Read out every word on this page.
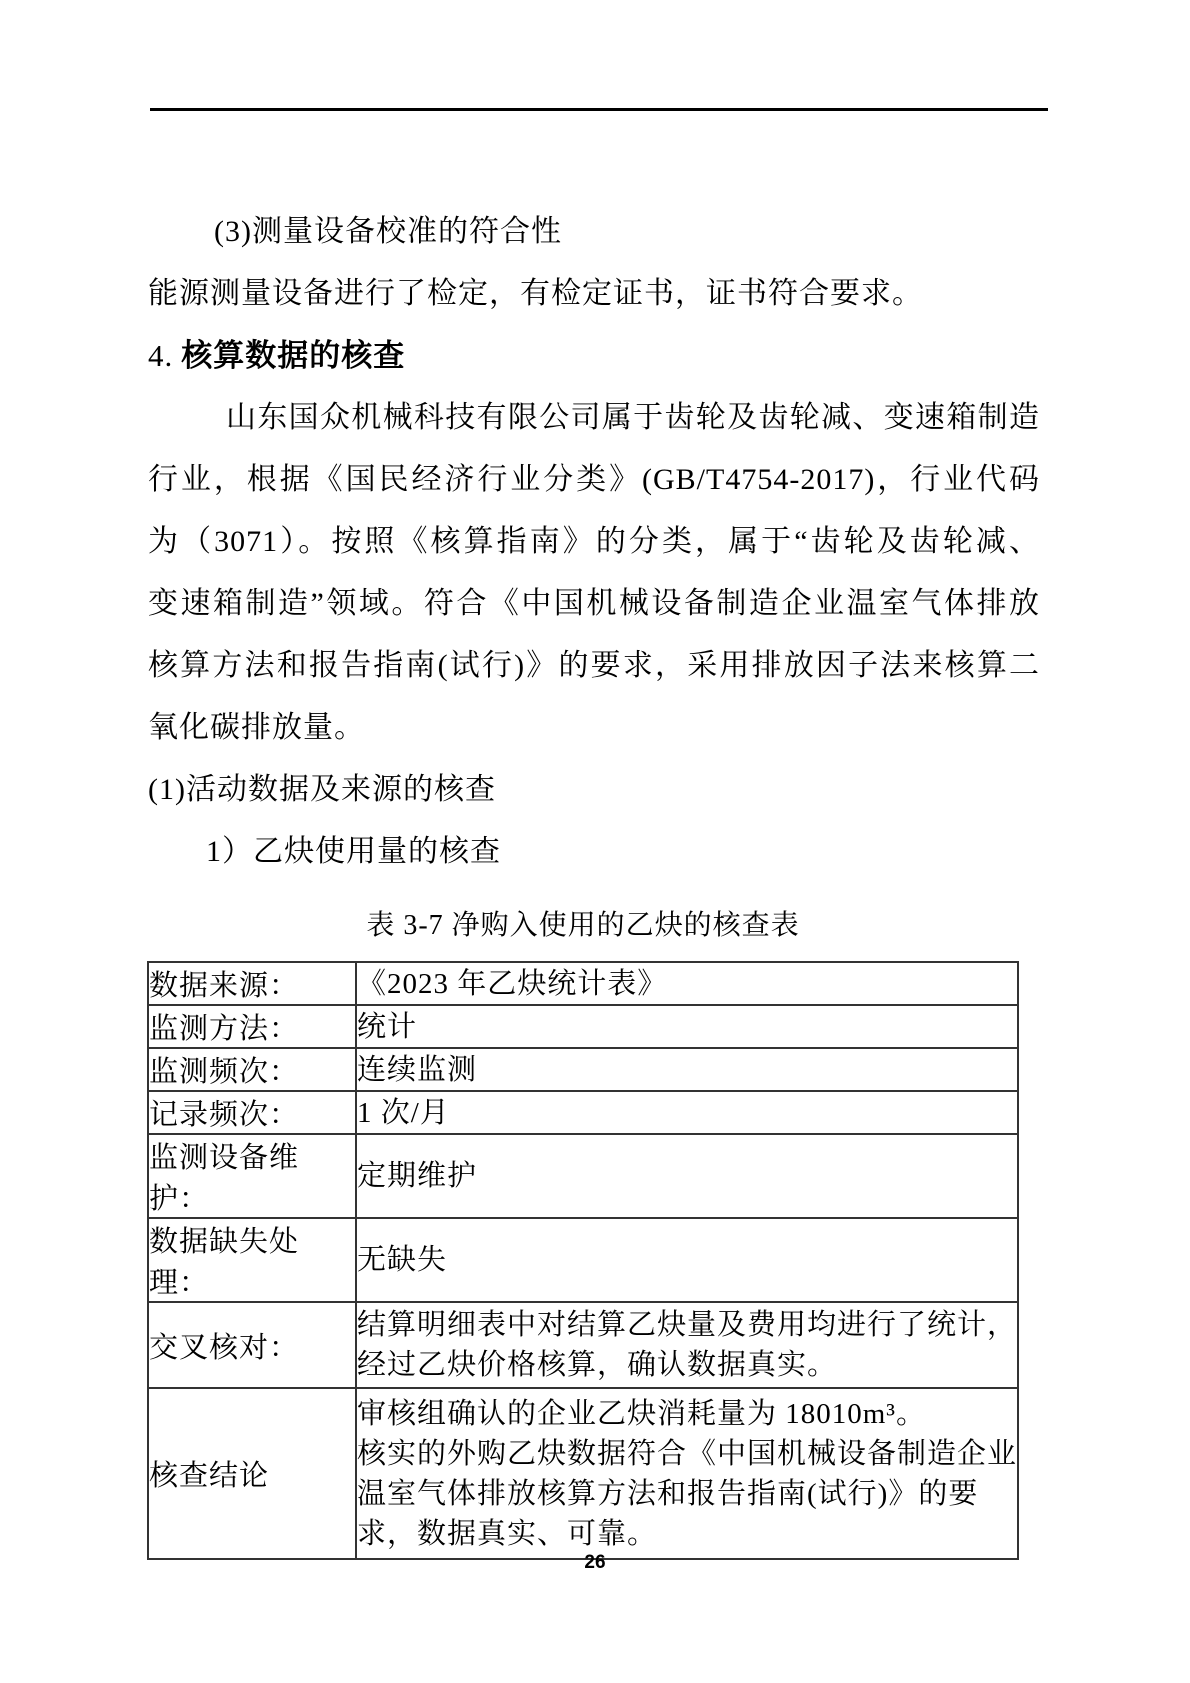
(3)测量设备校准的符合性
能源测量设备进行了检定，有检定证书，证书符合要求。
4. 核算数据的核查
山东国众机械科技有限公司属于齿轮及齿轮减、变速箱制造
行业，根据《国民经济行业分类》(GB/T4754-2017)，行业代码
为（3071）。按照《核算指南》的分类，属于“齿轮及齿轮减、
变速箱制造”领域。符合《中国机械设备制造企业温室气体排放
核算方法和报告指南(试行)》的要求，采用排放因子法来核算二
氧化碳排放量。
(1)活动数据及来源的核查
1）乙炔使用量的核查
表 3-7 净购入使用的乙炔的核查表
数据来源：	《2023 年乙炔统计表》
监测方法：	统计
监测频次：	连续监测
记录频次：	1 次/月
监测设备维护：	定期维护
数据缺失处理：	无缺失
交叉核对：	结算明细表中对结算乙炔量及费用均进行了统计，经过乙炔价格核算，确认数据真实。
核查结论	审核组确认的企业乙炔消耗量为 18010m³。
核实的外购乙炔数据符合《中国机械设备制造企业温室气体排放核算方法和报告指南(试行)》的要求，数据真实、可靠。
26
